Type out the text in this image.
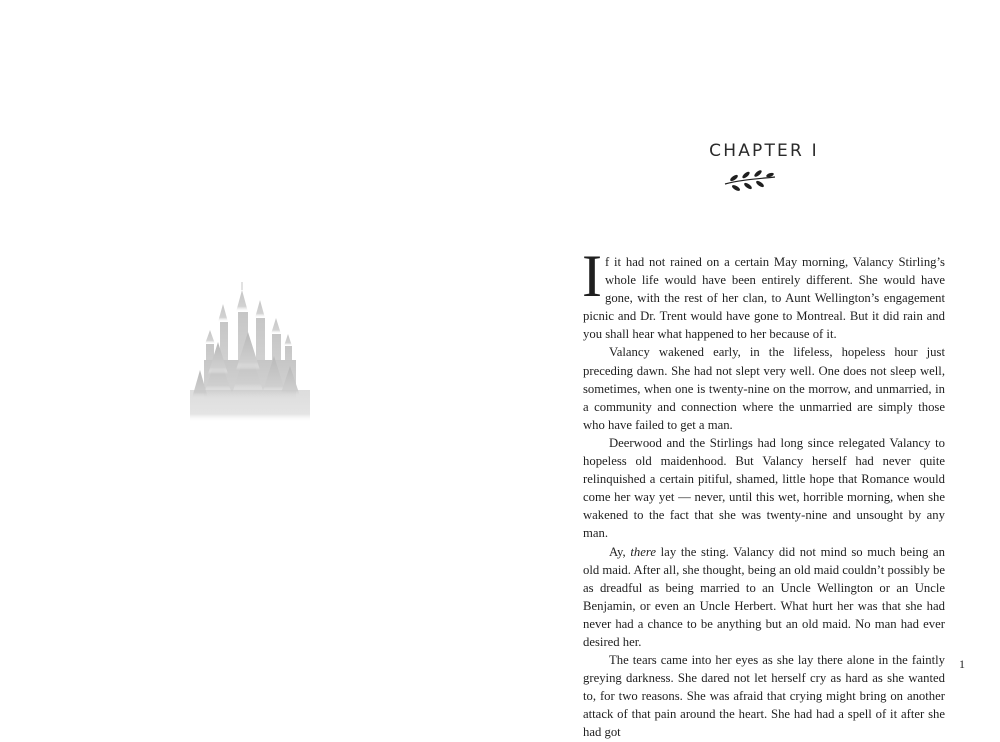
CHAPTER I

If it had not rained on a certain May morning, Valancy Stirling’s whole life would have been entirely different. She would have gone, with the rest of her clan, to Aunt Wellington’s engagement picnic and Dr. Trent would have gone to Montreal. But it did rain and you shall hear what happened to her because of it.

Valancy wakened early, in the lifeless, hopeless hour just preceding dawn. She had not slept very well. One does not sleep well, sometimes, when one is twenty-nine on the morrow, and unmarried, in a community and connection where the unmarried are simply those who have failed to get a man.

Deerwood and the Stirlings had long since relegated Valancy to hopeless old maidenhood. But Valancy herself had never quite relinquished a certain pitiful, shamed, little hope that Romance would come her way yet — never, until this wet, horrible morning, when she wakened to the fact that she was twenty-nine and unsought by any man.

Ay, there lay the sting. Valancy did not mind so much being an old maid. After all, she thought, being an old maid couldn’t possibly be as dreadful as being married to an Uncle Wellington or an Uncle Benjamin, or even an Uncle Herbert. What hurt her was that she had never had a chance to be anything but an old maid. No man had ever desired her.

The tears came into her eyes as she lay there alone in the faintly greying darkness. She dared not let herself cry as hard as she wanted to, for two reasons. She was afraid that crying might bring on another attack of that pain around the heart. She had had a spell of it after she had got

1
